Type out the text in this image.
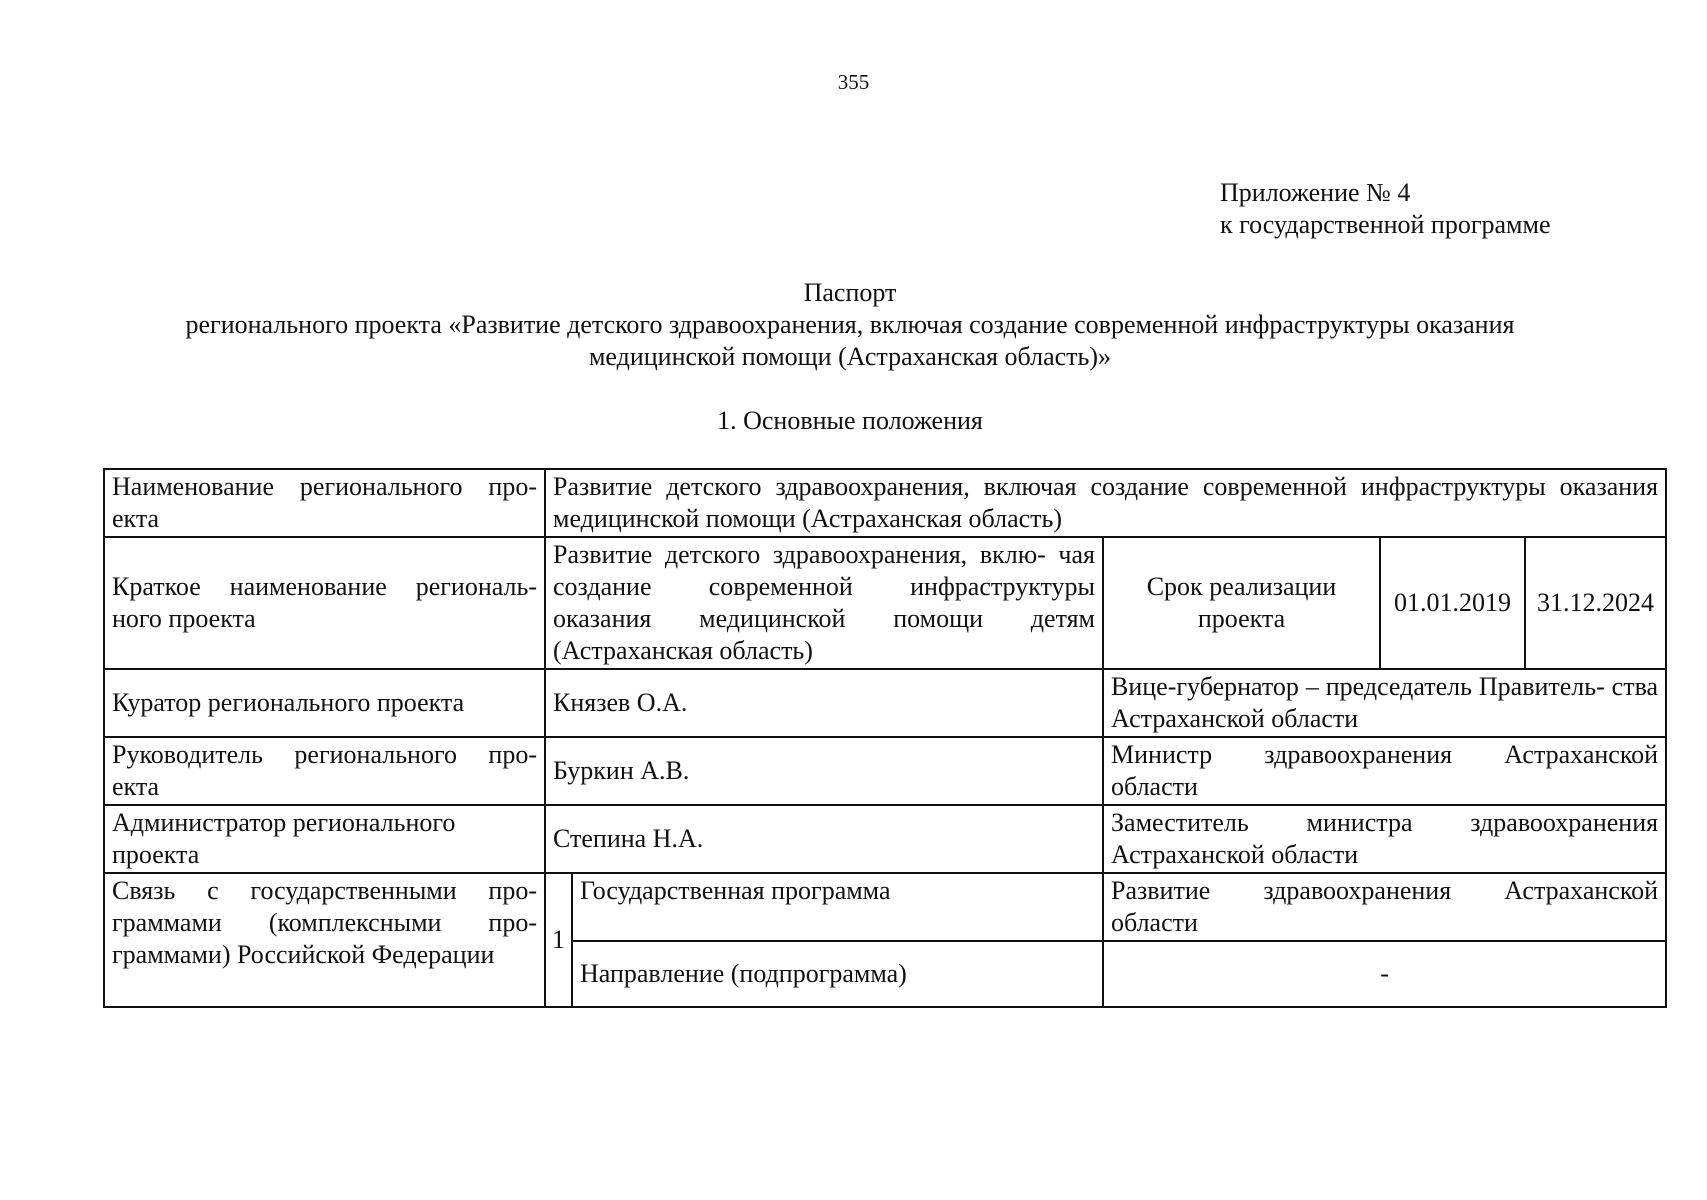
355
Приложение № 4
к государственной программе
Паспорт
регионального проекта «Развитие детского здравоохранения, включая создание современной инфраструктуры оказания
медицинской помощи (Астраханская область)»
1. Основные положения
Наименование регионального про- екта	Развитие детского здравоохранения, включая создание современной инфраструктуры оказания медицинской помощи (Астраханская область)				
Краткое наименование региональ- ного проекта	Развитие детского здравоохранения, вклю- чая создание современной инфраструктуры оказания медицинской помощи детям (Астраханская область)		Срок реализации проекта	01.01.2019	31.12.2024
Куратор регионального проекта	Князев О.А.		Вице-губернатор – председатель Правитель- ства Астраханской области		
Руководитель регионального про- екта	Буркин А.В.		Министр здравоохранения Астраханской области		
Администратор регионального проекта	Степина Н.А.		Заместитель министра здравоохранения Астраханской области		
Связь с государственными про- граммами (комплексными про- граммами) Российской Федерации	1	Государственная программа	Развитие здравоохранения Астраханской области		
		Направление (подпрограмма)	-		
